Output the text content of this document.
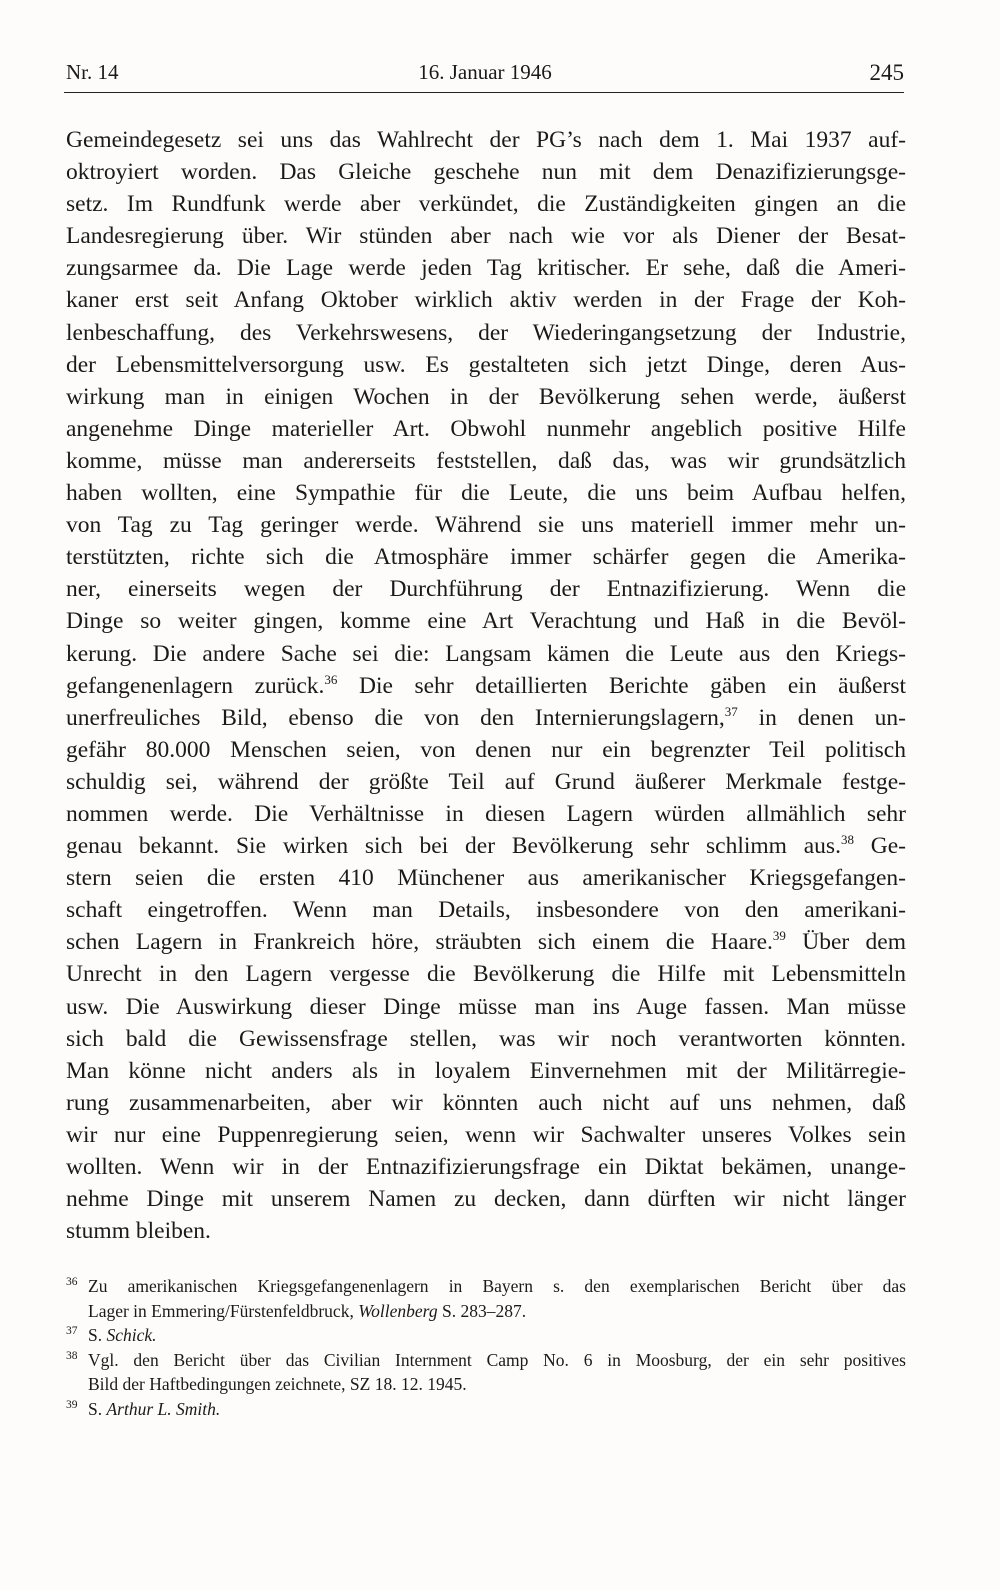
Nr. 14	16. Januar 1946	245
Gemeindegesetz sei uns das Wahlrecht der PG’s nach dem 1. Mai 1937 auf-
oktroyiert worden. Das Gleiche geschehe nun mit dem Denazifizierungsge-
setz. Im Rundfunk werde aber verkündet, die Zuständigkeiten gingen an die
Landesregierung über. Wir stünden aber nach wie vor als Diener der Besat-
zungsarmee da. Die Lage werde jeden Tag kritischer. Er sehe, daß die Ameri-
kaner erst seit Anfang Oktober wirklich aktiv werden in der Frage der Koh-
lenbeschaffung, des Verkehrswesens, der Wiederingangsetzung der Industrie,
der Lebensmittelversorgung usw. Es gestalteten sich jetzt Dinge, deren Aus-
wirkung man in einigen Wochen in der Bevölkerung sehen werde, äußerst
angenehme Dinge materieller Art. Obwohl nunmehr angeblich positive Hilfe
komme, müsse man andererseits feststellen, daß das, was wir grundsätzlich
haben wollten, eine Sympathie für die Leute, die uns beim Aufbau helfen,
von Tag zu Tag geringer werde. Während sie uns materiell immer mehr un-
terstützten, richte sich die Atmosphäre immer schärfer gegen die Amerika-
ner, einerseits wegen der Durchführung der Entnazifizierung. Wenn die
Dinge so weiter gingen, komme eine Art Verachtung und Haß in die Bevöl-
kerung. Die andere Sache sei die: Langsam kämen die Leute aus den Kriegs-
gefangenenlagern zurück.$^{36}$ Die sehr detaillierten Berichte gäben ein äußerst
unerfreuliches Bild, ebenso die von den Internierungslagern,$^{37}$ in denen un-
gefähr 80.000 Menschen seien, von denen nur ein begrenzter Teil politisch
schuldig sei, während der größte Teil auf Grund äußerer Merkmale festge-
nommen werde. Die Verhältnisse in diesen Lagern würden allmählich sehr
genau bekannt. Sie wirken sich bei der Bevölkerung sehr schlimm aus.$^{38}$ Ge-
stern seien die ersten 410 Münchener aus amerikanischer Kriegsgefangen-
schaft eingetroffen. Wenn man Details, insbesondere von den amerikani-
schen Lagern in Frankreich höre, sträubten sich einem die Haare.$^{39}$ Über dem
Unrecht in den Lagern vergesse die Bevölkerung die Hilfe mit Lebensmitteln
usw. Die Auswirkung dieser Dinge müsse man ins Auge fassen. Man müsse
sich bald die Gewissensfrage stellen, was wir noch verantworten könnten.
Man könne nicht anders als in loyalem Einvernehmen mit der Militärregie-
rung zusammenarbeiten, aber wir könnten auch nicht auf uns nehmen, daß
wir nur eine Puppenregierung seien, wenn wir Sachwalter unseres Volkes sein
wollten. Wenn wir in der Entnazifizierungsfrage ein Diktat bekämen, unange-
nehme Dinge mit unserem Namen zu decken, dann dürften wir nicht länger
stumm bleiben.
36 Zu amerikanischen Kriegsgefangenenlagern in Bayern s. den exemplarischen Bericht über das
Lager in Emmering/Fürstenfeldbruck, Wollenberg S. 283–287.
37 S. Schick.
38 Vgl. den Bericht über das Civilian Internment Camp No. 6 in Moosburg, der ein sehr positives
Bild der Haftbedingungen zeichnete, SZ 18. 12. 1945.
39 S. Arthur L. Smith.
